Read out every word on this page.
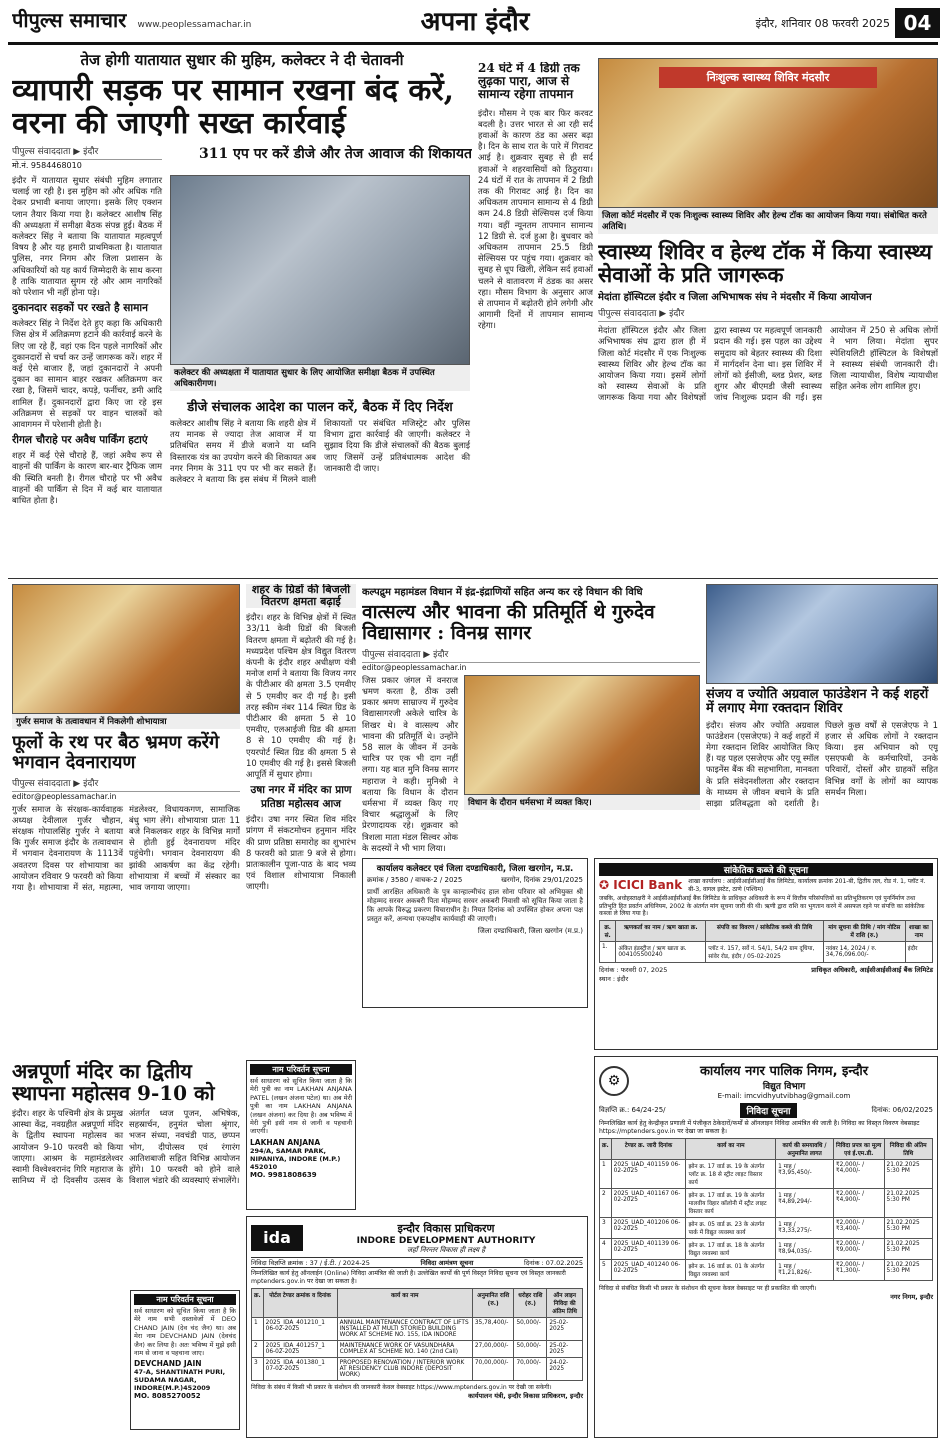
पीपुल्स समाचार www.peoplessamachar.in	अपना इंदौर	इंदौर, शनिवार 08 फरवरी 2025 04
तेज होगी यातायात सुधार की मुहिम, कलेक्टर ने दी चेतावनी
व्यापारी सड़क पर सामान रखना बंद करें, वरना की जाएगी सख्त कार्रवाई
पीपुल्स संवाददाता ▶ इंदौर
मो.नं. 9584468010
311 एप पर करें डीजे और तेज आवाज की शिकायत
इंदौर में यातायात सुधार संबंधी मुहिम लगातार चलाई जा रही है। इस मुहिम को और अधिक गति देकर प्रभावी बनाया जाएगा। इसके लिए एक्शन प्लान तैयार किया गया है। कलेक्टर आशीष सिंह की अध्यक्षता में समीक्षा बैठक संपन्न हुई। बैठक में कलेक्टर सिंह ने बताया कि यातायात महत्वपूर्ण विषय है और यह हमारी प्राथमिकता है। यातायात पुलिस, नगर निगम और जिला प्रशासन के अधिकारियों को यह कार्य जिम्मेदारी के साथ करना है ताकि यातायात सुगम रहे और आम नागरिकों को परेशान भी नहीं होना पड़े।
दुकानदार सड़कों पर रखते है सामान
कलेक्टर सिंह ने निर्देश देते हुए कहा कि अधिकारी जिस क्षेत्र में अतिक्रमण हटाने की कार्रवाई करने के लिए जा रहे हैं, वहां एक दिन पहले नागरिकों और दुकानदारों से चर्चा कर उन्हें जागरूक करें। शहर में कई ऐसे बाजार हैं, जहां दुकानदारों ने अपनी दुकान का सामान बाहर रखकर अतिक्रमण कर रखा है, जिसमें चादर, कपड़े, फर्नीचर, डमी आदि शामिल हैं। दुकानदारों द्वारा किए जा रहे इस अतिक्रमण से सड़कों पर वाहन चालकों को आवागमन में परेशानी होती है।
रीगल चौराहे पर अवैध पार्किंग हटाएं
शहर में कई ऐसे चौराहे हैं, जहां अवैध रूप से वाहनों की पार्किंग के कारण बार-बार ट्रैफिक जाम की स्थिति बनती है। रीगल चौराहे पर भी अवैध वाहनों की पार्किंग से दिन में कई बार यातायात बाधित होता है।
कलेक्टर की अध्यक्षता में यातायात सुधार के लिए आयोजित समीक्षा बैठक में उपस्थित अधिकारीगण।
डीजे संचालक आदेश का पालन करें, बैठक में दिए निर्देश
कलेक्टर आशीष सिंह ने बताया कि शहरी क्षेत्र में तय मानक से ज्यादा तेज आवाज में या प्रतिबंधित समय में डीजे बजाने या ध्वनि विस्तारक यंत्र का उपयोग करने की शिकायत अब नगर निगम के 311 एप पर भी कर सकते हैं। कलेक्टर ने बताया कि इस संबंध में मिलने वाली शिकायतों पर संबंधित मजिस्ट्रेट और पुलिस विभाग द्वारा कार्रवाई की जाएगी। कलेक्टर ने सुझाव दिया कि डीजे संचालकों की बैठक बुलाई जाए जिसमें उन्हें प्रतिबंधात्मक आदेश की जानकारी दी जाए।
24 घंटे में 4 डिग्री तक लुढ़का पारा, आज से सामान्य रहेगा तापमान
इंदौर। मौसम ने एक बार फिर करवट बदली है। उत्तर भारत से आ रही सर्द हवाओं के कारण ठंड का असर बढ़ा है। दिन के साथ रात के पारे में गिरावट आई है। शुक्रवार सुबह से ही सर्द हवाओं ने शहरवासियों को ठिठुराया। 24 घंटों में रात के तापमान में 2 डिग्री तक की गिरावट आई है। दिन का अधिकतम तापमान सामान्य से 4 डिग्री कम 24.8 डिग्री सेल्सियस दर्ज किया गया। वहीं न्यूनतम तापमान सामान्य 12 डिग्री से. दर्ज हुआ है। बुधवार को अधिकतम तापमान 25.5 डिग्री सेल्सियस पर पहुंच गया। शुक्रवार को सुबह से धूप खिली, लेकिन सर्द हवाओं चलने से वातावरण में ठंडक का असर रहा। मौसम विभाग के अनुसार आज से तापमान में बढ़ोतरी होने लगेगी और आगामी दिनों में तापमान सामान्य रहेगा।
निःशुल्क स्वास्थ्य शिविर मंदसौर
जिला कोर्ट मंदसौर में एक निःशुल्क स्वास्थ्य शिविर और हेल्थ टॉक का आयोजन किया गया। संबोधित करते अतिथि।
स्वास्थ्य शिविर व हेल्थ टॉक में किया स्वास्थ्य सेवाओं के प्रति जागरूक
मेदांता हॉस्पिटल इंदौर व जिला अभिभाषक संघ ने मंदसौर में किया आयोजन
पीपुल्स संवाददाता ▶ इंदौर
मेदांता हॉस्पिटल इंदौर और जिला अभिभाषक संघ द्वारा हाल ही में जिला कोर्ट मंदसौर में एक निःशुल्क स्वास्थ्य शिविर और हेल्थ टॉक का आयोजन किया गया। इसमें लोगों को स्वास्थ्य सेवाओं के प्रति जागरूक किया गया और विशेषज्ञों द्वारा स्वास्थ्य पर महत्वपूर्ण जानकारी प्रदान की गई। इस पहल का उद्देश्य समुदाय को बेहतर स्वास्थ्य की दिशा में मार्गदर्शन देना था। इस शिविर में लोगों को ईसीजी, ब्लड प्रेशर, ब्लड शुगर और बीएमडी जैसी स्वास्थ्य जांच निःशुल्क प्रदान की गईं। इस आयोजन में 250 से अधिक लोगों ने भाग लिया। मेदांता सुपर स्पेशियलिटी हॉस्पिटल के विशेषज्ञों ने स्वास्थ्य संबंधी जानकारी दी। जिला न्यायाधीश, विशेष न्यायाधीश सहित अनेक लोग शामिल हुए।
गुर्जर समाज के तत्वावधान में निकलेगी शोभायात्रा
फूलों के रथ पर बैठ भ्रमण करेंगे भगवान देवनारायण
पीपुल्स संवाददाता ▶ इंदौर
editor@peoplessamachar.in
गुर्जर समाज के संरक्षक-कार्यवाहक अध्यक्ष देवीलाल गुर्जर चौहान, संरक्षक गोपालसिंह गुर्जर ने बताया कि गुर्जर समाज इंदौर के तत्वावधान में भगवान देवनारायण के 1113वें अवतरण दिवस पर शोभायात्रा का आयोजन रविवार 9 फरवरी को किया गया है। शोभायात्रा में संत, महात्मा, मंडलेश्वर, विधायकगण, सामाजिक बंधु भाग लेंगे। शोभायात्रा प्रातः 11 बजे निकलकर शहर के विभिन्न मार्गों से होती हुई देवनारायण मंदिर पहुंचेगी। भगवान देवनारायण की झांकी आकर्षण का केंद्र रहेगी। शोभायात्रा में बच्चों में संस्कार का भाव जगाया जाएगा।
शहर के ग्रिडों की बिजली वितरण क्षमता बढ़ाई
इंदौर। शहर के विभिन्न क्षेत्रों में स्थित 33/11 केवी ग्रिडों की बिजली वितरण क्षमता में बढ़ोतरी की गई है। मध्यप्रदेश पश्चिम क्षेत्र विद्युत वितरण कंपनी के इंदौर शहर अधीक्षण यंत्री मनोज शर्मा ने बताया कि विजय नगर के पीटीआर की क्षमता 3.5 एमवीए से 5 एमवीए कर दी गई है। इसी तरह स्कीम नंबर 114 स्थित ग्रिड के पीटीआर की क्षमता 5 से 10 एमवीए, एलआईजी ग्रिड की क्षमता 8 से 10 एमवीए की गई है। एयरपोर्ट स्थित ग्रिड की क्षमता 5 से 10 एमवीए की गई है। इससे बिजली आपूर्ति में सुधार होगा।
उषा नगर में मंदिर का प्राण प्रतिष्ठा महोत्सव आज
इंदौर। उषा नगर स्थित शिव मंदिर प्रांगण में संकटमोचन हनुमान मंदिर की प्राण प्रतिष्ठा समारोह का शुभारंभ 8 फरवरी को प्रातः 9 बजे से होगा। प्रातःकालीन पूजा-पाठ के बाद भव्य एवं विशाल शोभायात्रा निकाली जाएगी।
कल्पद्रुम महामंडल विधान में इंद्र-इंद्राणियों सहित अन्य कर रहे विधान की विधि
वात्सल्य और भावना की प्रतिमूर्ति थे गुरुदेव विद्यासागर : विनम्र सागर
पीपुल्स संवाददाता ▶ इंदौर
editor@peoplessamachar.in
जिस प्रकार जंगल में वनराज भ्रमण करता है, ठीक उसी प्रकार श्रमण साम्राज्य में गुरुदेव विद्यासागरजी अकेले चारित्र के शिखर थे। वे वात्सल्य और भावना की प्रतिमूर्ति थे। उन्होंने 58 साल के जीवन में उनके चारित्र पर एक भी दाग नहीं लगा। यह बात मुनि विनम्र सागर महाराज ने कही। मुनिश्री ने बताया कि विधान के दौरान धर्मसभा में व्यक्त किए गए विचार श्रद्धालुओं के लिए प्रेरणादायक रहे। शुक्रवार को त्रिशला माता मंडल सिल्वर ओक के सदस्यों ने भी भाग लिया।
विधान के दौरान धर्मसभा में व्यक्त किए।
संजय व ज्योति अग्रवाल फाउंडेशन ने कई शहरों में लगाए मेगा रक्तदान शिविर
इंदौर। संजय और ज्योति अग्रवाल फाउंडेशन (एसजेएफ) ने कई शहरों में मेगा रक्तदान शिविर आयोजित किए हैं। यह पहल एसजेएफ और एयू स्मॉल फाइनेंस बैंक की सहभागिता, मानवता के प्रति संवेदनशीलता और रक्तदान के माध्यम से जीवन बचाने के प्रति साझा प्रतिबद्धता को दर्शाती है। पिछले कुछ वर्षों से एसजेएफ ने 1 हजार से अधिक लोगों ने रक्तदान किया। इस अभियान को एयू एसएफबी के कर्मचारियों, उनके परिवारों, दोस्तों और ग्राहकों सहित विभिन्न वर्गों के लोगों का व्यापक समर्थन मिला।
कार्यालय कलेक्टर एवं जिला दण्डाधिकारी, जिला खरगोन, म.प्र.
क्रमांक / 3580 / वाचक-2 / 2025	खरगोन, दिनांक 29/01/2025
प्रार्थी आरक्षित अधिकारी के पुत्र कान्हाल्मीचंद हाल सोना परिवार को अभियुक्त श्री मोहम्मद सरवर अकबरी पिता मोहम्मद सरवर अकबरी निवासी को सूचित किया जाता है कि आपके विरुद्ध प्रकरण विचाराधीन है। नियत दिनांक को उपस्थित होकर अपना पक्ष प्रस्तुत करें, अन्यथा एकपक्षीय कार्यवाही की जाएगी।
जिला दण्डाधिकारी, जिला खरगोन (म.प्र.)
नाम परिवर्तन सूचना
सर्व साधारण को सूचित किया जाता है कि मेरी पुत्री का नाम LAKHAN ANJANA PATEL (लखन अंजना पटेल) था। अब मेरी पुत्री का नाम LAKHAN ANJANA (लखन अंजना) कर दिया है। अब भविष्य में मेरी पुत्री इसी नाम से जानी व पहचानी जाएगी।
LAKHAN ANJANA
294/A, SAMAR PARK, NIPANIYA, INDORE (M.P.) 452010
MO. 9981808639
अन्नपूर्णा मंदिर का द्वितीय स्थापना महोत्सव 9-10 को
इंदौर। शहर के पश्चिमी क्षेत्र के प्रमुख आस्था केंद्र, नवग्रहीत अन्नपूर्णा मंदिर के द्वितीय स्थापना महोत्सव का आयोजन 9-10 फरवरी को किया जाएगा। आश्रम के महामंडलेश्वर स्वामी विश्वेश्वरानंद गिरि महाराज के सानिध्य में दो दिवसीय उत्सव के अंतर्गत ध्वज पूजन, अभिषेक, सहस्रार्चन, हनुमंत चोला श्रृंगार, भजन संध्या, नवचंडी पाठ, छप्पन भोग, दीपोत्सव एवं रंगारंग आतिशबाजी सहित विभिन्न आयोजन होंगे। 10 फरवरी को होने वाले विशाल भंडारे की व्यवस्थाएं संभालेंगे।
नाम परिवर्तन सूचना
सर्व साधारण को सूचित किया जाता है कि मेरे नाम सभी दस्तावेजों में DEO CHAND JAIN (देव चंद जैन) था। अब मेरा नाम DEVCHAND JAIN (देवचंद जैन) कर लिया है। अतः भविष्य में मुझे इसी नाम से जाना व पहचाना जाए।
DEVCHAND JAIN
47-A, SHANTINATH PURI, SUDAMA NAGAR, INDORE(M.P.)452009
MO. 8085270052
ida	इन्दौर विकास प्राधिकरण
INDORE DEVELOPMENT AUTHORITY
जहाँ निरन्तर विकास ही लक्ष्य है
निविदा विज्ञप्ति क्रमांक : 37 / ई.टी. / 2024-25	निविदा आमंत्रण सूचना	दिनांक : 07.02.2025
निम्नलिखित कार्य हेतु ऑनलाईन (Online) निविदा आमंत्रित की जाती है। उल्लेखित कार्यों की पूर्ण विस्तृत निविदा सूचना एवं विस्तृत जानकारी mptenders.gov.in पर देखा जा सकता है।
क्र.	पोर्टल टेण्डर क्रमांक व दिनांक	कार्य का नाम	अनुमानित राशि (रु.)	धरोहर राशि (रु.)	ऑन लाइन निविदा की अंतिम तिथि
1	2025_IDA_401210_1 06-02-2025	ANNUAL MAINTENANCE CONTRACT OF LIFTS INSTALLED AT MULTI STORIED BUILDING WORK AT SCHEME NO. 155, IDA INDORE	35,78,400/-	50,000/-	25-02-2025
2	2025_IDA_401257_1 06-02-2025	MAINTENANCE WORK OF VASUNDHARA COMPLEX AT SCHEME NO. 140 (2nd Call)	27,00,000/-	50,000/-	25-02-2025
3	2025_IDA_401380_1 07-02-2025	PROPOSED RENOVATION / INTERIOR WORK AT RESIDENCY CLUB INDORE (DEPOSIT WORK)	70,00,000/-	70,000/-	24-02-2025
निविदा के संबंध में किसी भी प्रकार के संशोधन की जानकारी केवल वेबसाइट https://www.mptenders.gov.in पर देखी जा सकेगी।
कार्यपालन यंत्री, इन्दौर विकास प्राधिकरण, इन्दौर
सांकेतिक कब्जे की सूचना
✪ ICICI Bank शाखा कार्यालय : आईसीआईसीआई बैंक लिमिटेड, कार्यालय क्रमांक 201-बी, द्वितीय तल, रोड नं. 1, प्लॉट नं. बी-3, वागल इस्टेट, ठाणे (पश्चिम)
जबकि, अधोहस्ताक्षरी ने आईसीआईसीआई बैंक लिमिटेड के प्राधिकृत अधिकारी के रूप में वित्तीय परिसंपत्तियों का प्रतिभूतिकरण एवं पुनर्निर्माण तथा प्रतिभूति हित प्रवर्तन अधिनियम, 2002 के अंतर्गत मांग सूचना जारी की थी। ऋणी द्वारा राशि का भुगतान करने में असफल रहने पर संपत्ति का सांकेतिक कब्जा ले लिया गया है।
क्र. सं.	ऋणकर्ता का नाम / ऋण खाता क्र.	संपत्ति का विवरण / सांकेतिक कब्जे की तिथि	मांग सूचना की तिथि / मांग नोटिस में राशि (रु.)	शाखा का नाम
1.	अंकित इंडस्ट्रीज / ऋण खाता क्र. 004105500240	प्लॉट नं. 157, सर्वे नं. 54/1, 54/2 ग्राम दूधिया, सांवेर रोड, इंदौर / 05-02-2025	नवंबर 14, 2024 / रु. 34,76,096.00/-	इंदौर
दिनांक : फरवरी 07, 2025
स्थान : इंदौर
प्राधिकृत अधिकारी, आईसीआईसीआई बैंक लिमिटेड
⚙
कार्यालय नगर पालिक निगम, इन्दौर
विद्युत विभाग
E-mail: imcvidhyutvibhag@gmail.com
विज्ञप्ति क्र.: 64/24-25/	निविदा सूचना	दिनांक: 06/02/2025
निम्नलिखित कार्य हेतु केन्द्रीकृत प्रणाली में पंजीकृत ठेकेदारों/फर्मों से ऑनलाइन निविदा आमंत्रित की जाती है। निविदा का विस्तृत विवरण वेबसाइट https://mptenders.gov.in पर देखा जा सकता है।
क्र.	टेण्डर क्र. जारी दिनांक	कार्य का नाम	कार्य की समयावधि / अनुमानित लागत	निविदा प्रपत्र का मूल्य एवं ई.एम.डी.	निविदा की अंतिम तिथि
1	2025_UAD_401159 06-02-2025	झोन क्र. 17 वार्ड क्र. 19 के अंतर्गत प्लॉट क्र. 18 से स्ट्रीट लाइट विस्तार कार्य	1 माह / ₹3,95,450/-	₹2,000/- / ₹4,000/-	21.02.2025 5:30 PM
2	2025_UAD_401167 06-02-2025	झोन क्र. 17 वार्ड क्र. 19 के अंतर्गत मालवीय विहार कॉलोनी में स्ट्रीट लाइट विस्तार कार्य	1 माह / ₹4,89,294/-	₹2,000/- / ₹4,900/-	21.02.2025 5:30 PM
3	2025_UAD_401206 06-02-2025	झोन क्र. 05 वार्ड क्र. 23 के अंतर्गत पार्क में विद्युत व्यवस्था कार्य	1 माह / ₹3,33,275/-	₹2,000/- / ₹3,400/-	21.02.2025 5:30 PM
4	2025_UAD_401139 06-02-2025	झोन क्र. 17 वार्ड क्र. 18 के अंतर्गत विद्युत व्यवस्था कार्य	1 माह / ₹8,94,035/-	₹2,000/- / ₹9,000/-	21.02.2025 5:30 PM
5	2025_UAD_401240 06-02-2025	झोन क्र. 16 वार्ड क्र. 01 के अंतर्गत विद्युत व्यवस्था कार्य	1 माह / ₹1,21,826/-	₹2,000/- / ₹1,300/-	21.02.2025 5:30 PM
निविदा से संबंधित किसी भी प्रकार के संशोधन की सूचना केवल वेबसाइट पर ही प्रकाशित की जाएगी।
नगर निगम, इन्दौर
